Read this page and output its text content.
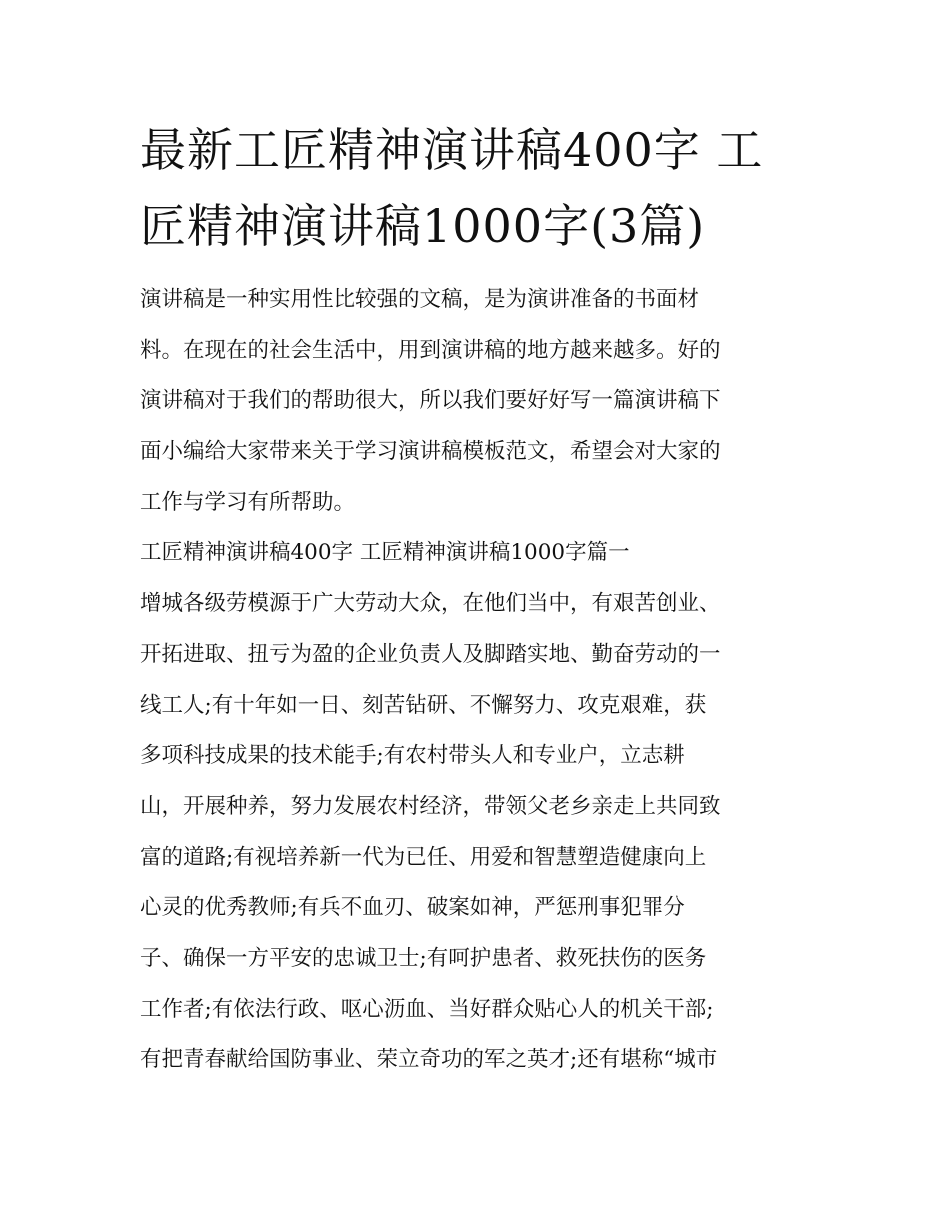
最新工匠精神演讲稿400字 工
匠精神演讲稿1000字(3篇)
演讲稿是一种实用性比较强的文稿，是为演讲准备的书面材
料。在现在的社会生活中，用到演讲稿的地方越来越多。好的
演讲稿对于我们的帮助很大，所以我们要好好写一篇演讲稿下
面小编给大家带来关于学习演讲稿模板范文，希望会对大家的
工作与学习有所帮助。
工匠精神演讲稿400字 工匠精神演讲稿1000字篇一
增城各级劳模源于广大劳动大众，在他们当中，有艰苦创业、
开拓进取、扭亏为盈的企业负责人及脚踏实地、勤奋劳动的一
线工人;有十年如一日、刻苦钻研、不懈努力、攻克艰难，获
多项科技成果的技术能手;有农村带头人和专业户，立志耕
山，开展种养，努力发展农村经济，带领父老乡亲走上共同致
富的道路;有视培养新一代为已任、用爱和智慧塑造健康向上
心灵的优秀教师;有兵不血刃、破案如神，严惩刑事犯罪分
子、确保一方平安的忠诚卫士;有呵护患者、救死扶伤的医务
工作者;有依法行政、呕心沥血、当好群众贴心人的机关干部;
有把青春献给国防事业、荣立奇功的军之英才;还有堪称“城市
